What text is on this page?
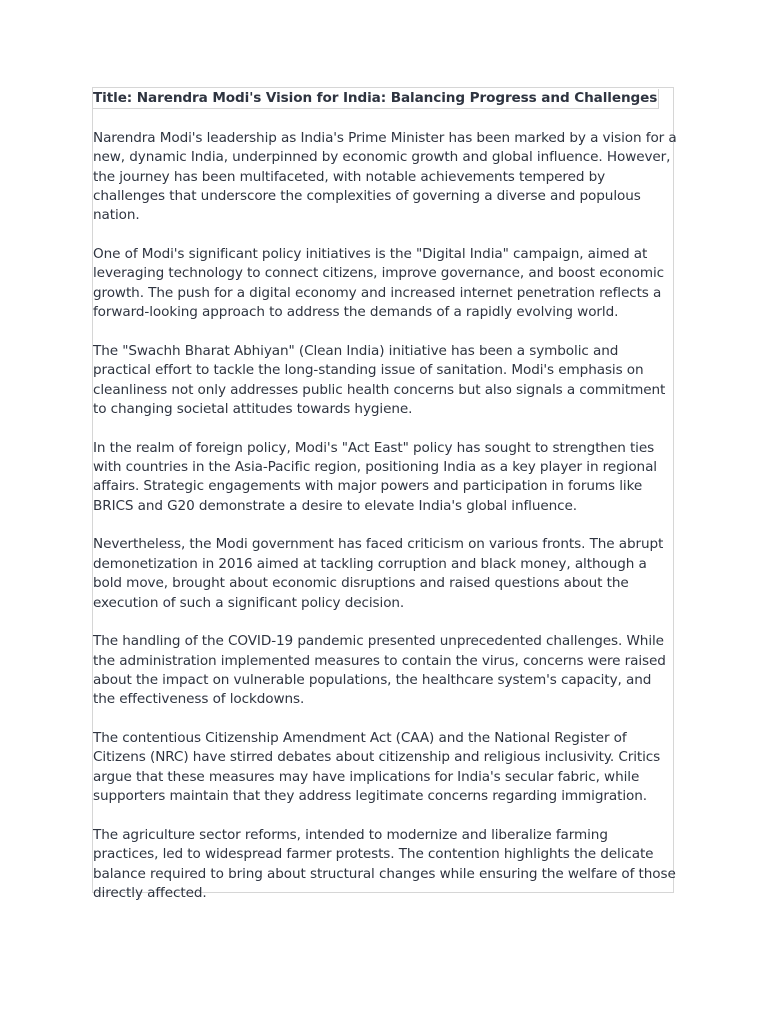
Title: Narendra Modi's Vision for India: Balancing Progress and Challenges

Narendra Modi's leadership as India's Prime Minister has been marked by a vision for a new, dynamic India, underpinned by economic growth and global influence. However, the journey has been multifaceted, with notable achievements tempered by challenges that underscore the complexities of governing a diverse and populous nation.

One of Modi's significant policy initiatives is the "Digital India" campaign, aimed at leveraging technology to connect citizens, improve governance, and boost economic growth. The push for a digital economy and increased internet penetration reflects a forward-looking approach to address the demands of a rapidly evolving world.

The "Swachh Bharat Abhiyan" (Clean India) initiative has been a symbolic and practical effort to tackle the long-standing issue of sanitation. Modi's emphasis on cleanliness not only addresses public health concerns but also signals a commitment to changing societal attitudes towards hygiene.

In the realm of foreign policy, Modi's "Act East" policy has sought to strengthen ties with countries in the Asia-Pacific region, positioning India as a key player in regional affairs. Strategic engagements with major powers and participation in forums like BRICS and G20 demonstrate a desire to elevate India's global influence.

Nevertheless, the Modi government has faced criticism on various fronts. The abrupt demonetization in 2016 aimed at tackling corruption and black money, although a bold move, brought about economic disruptions and raised questions about the execution of such a significant policy decision.

The handling of the COVID-19 pandemic presented unprecedented challenges. While the administration implemented measures to contain the virus, concerns were raised about the impact on vulnerable populations, the healthcare system's capacity, and the effectiveness of lockdowns.

The contentious Citizenship Amendment Act (CAA) and the National Register of Citizens (NRC) have stirred debates about citizenship and religious inclusivity. Critics argue that these measures may have implications for India's secular fabric, while supporters maintain that they address legitimate concerns regarding immigration.

The agriculture sector reforms, intended to modernize and liberalize farming practices, led to widespread farmer protests. The contention highlights the delicate balance required to bring about structural changes while ensuring the welfare of those directly affected.
